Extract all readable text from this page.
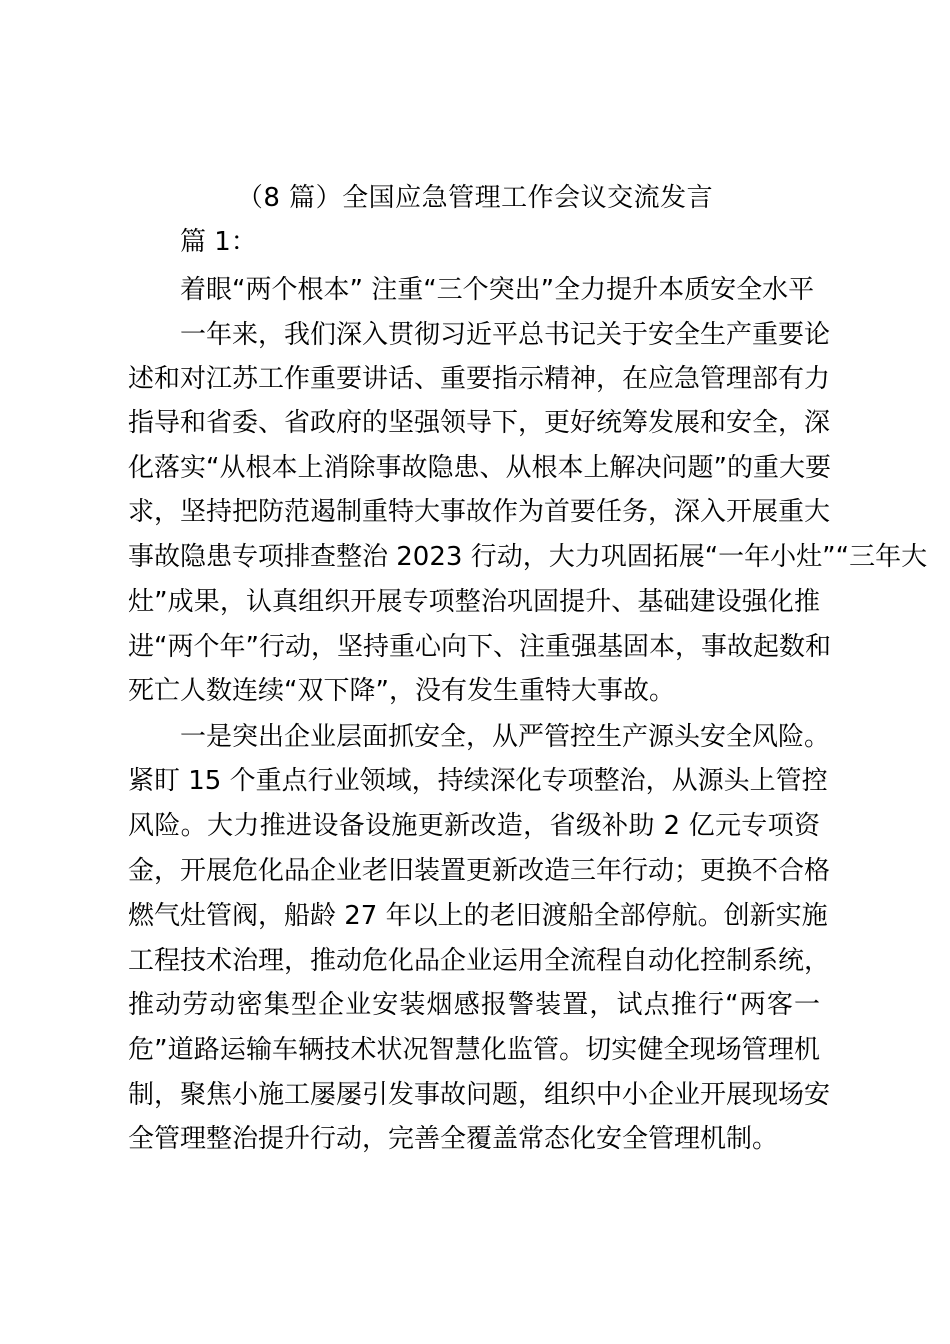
（8 篇）全国应急管理工作会议交流发言

篇 1：

着眼“两个根本” 注重“三个突出”全力提升本质安全水平

一年来，我们深入贯彻习近平总书记关于安全生产重要论

述和对江苏工作重要讲话、重要指示精神，在应急管理部有力

指导和省委、省政府的坚强领导下，更好统筹发展和安全，深

化落实“从根本上消除事故隐患、从根本上解决问题”的重大要

求，坚持把防范遏制重特大事故作为首要任务，深入开展重大

事故隐患专项排查整治 2023 行动，大力巩固拓展“一年小灶”“三年大

灶”成果，认真组织开展专项整治巩固提升、基础建设强化推

进“两个年”行动，坚持重心向下、注重强基固本，事故起数和

死亡人数连续“双下降”，没有发生重特大事故。

一是突出企业层面抓安全，从严管控生产源头安全风险。

紧盯 15 个重点行业领域，持续深化专项整治，从源头上管控

风险。大力推进设备设施更新改造，省级补助 2 亿元专项资

金，开展危化品企业老旧装置更新改造三年行动；更换不合格

燃气灶管阀，船龄 27 年以上的老旧渡船全部停航。创新实施

工程技术治理，推动危化品企业运用全流程自动化控制系统，

推动劳动密集型企业安装烟感报警装置，试点推行“两客一

危”道路运输车辆技术状况智慧化监管。切实健全现场管理机

制，聚焦小施工屡屡引发事故问题，组织中小企业开展现场安

全管理整治提升行动，完善全覆盖常态化安全管理机制。
